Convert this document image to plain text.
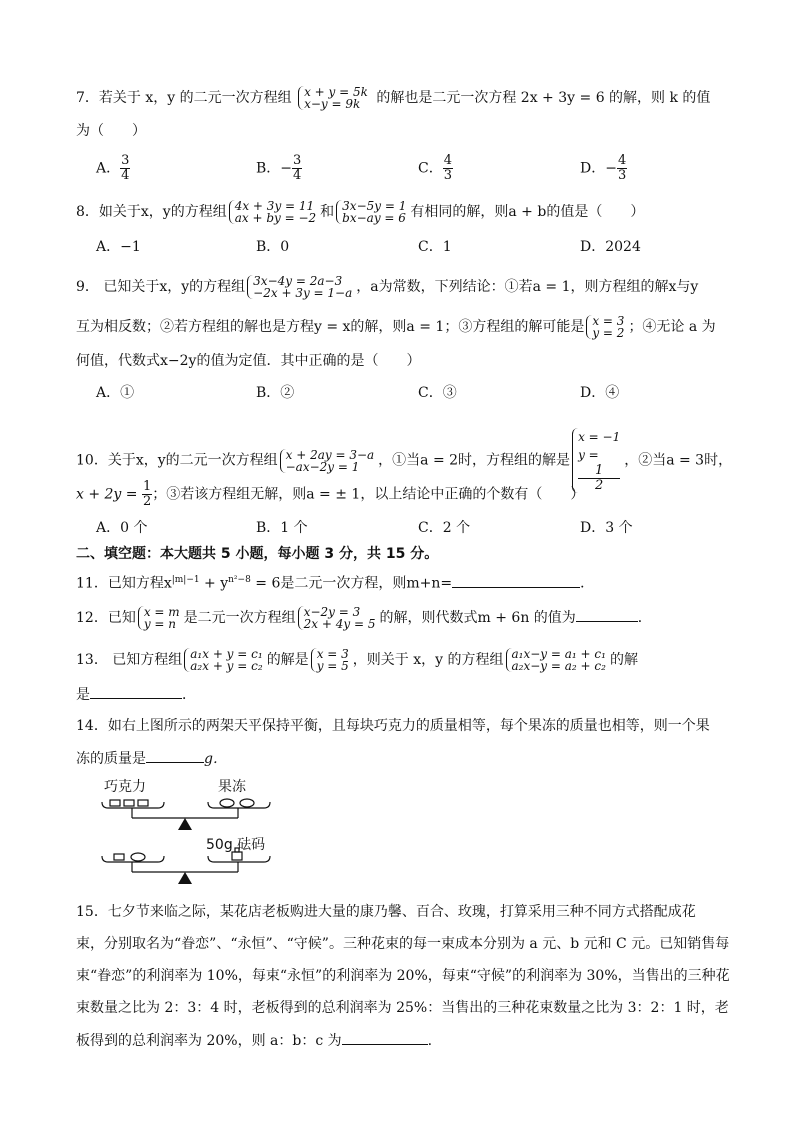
7．若关于 x，y 的二元一次方程组 x + y = 5k
x−y = 9k	的解也是二元一次方程 2x + 3y = 6 的解，则 k 的值
为（　　）
A． $\frac{3}{4}$	B．− $\frac{3}{4}$	C． $\frac{4}{3}$	D．− $\frac{4}{3}$
8．如关于x，y的方程组 4x + 3y = 11
ax + by = −2 和 3x−5y = 1
bx−ay = 6 有相同的解，则a + b的值是（　　）
A．−1	B．0	C．1	D．2024
9． 已知关于x，y的方程组 3x−4y = 2a−3
−2x + 3y = 1−a ，a为常数，下列结论：①若a = 1，则方程组的解x与y
互为相反数；②若方程组的解也是方程y = x的解，则a = 1；③方程组的解可能是 x = 3
y = 2 ；④无论 a 为
何值，代数式x−2y的值为定值．其中正确的是（　　）
A．①	B．②	C．③	D．④
10．关于x，y的二元一次方程组 x + 2ay = 3−a
−ax−2y = 1	，①当a = 2时，方程组的解是
x = −1
y =
1
2
，②当a = 3时，
$x + 2y = \frac{1}{2}$ ；③若该方程组无解，则a = ± 1，以上结论中正确的个数有（　　）
A．0 个	B．1 个	C．2 个	D．3 个
二、填空题：本大题共 5 小题，每小题 3 分，共 15 分。
11．已知方程$x^{|m|-1} + y^{n^2-8} = 6$是二元一次方程，则m+n=	．
12．已知 x = m
y = n 是二元一次方程组 x−2y = 3
2x + 4y = 5 的解，则代数式m + 6n 的值为	．
13． 已知方程组 a₁x + y = c₁
a₂x + y = c₂ 的解是 x = 3
y = 5 ，则关于 x，y 的方程组 a₁x−y = a₁ + c₁
a₂x−y = a₂ + c₂ 的解
是	．
14．如右上图所示的两架天平保持平衡，且每块巧克力的质量相等，每个果冻的质量也相等，则一个果
冻的质量是	g．
巧克力	果冻
50g 砝码
15．七夕节来临之际，某花店老板购进大量的康乃馨、百合、玫瑰，打算采用三种不同方式搭配成花
束，分别取名为“眷恋”、“永恒”、“守候”。三种花束的每一束成本分别为 a 元、b 元和 C 元。已知销售每
束“眷恋”的利润率为 10%，每束“永恒”的利润率为 20%，每束“守候”的利润率为 30%，当售出的三种花
束数量之比为 2：3：4 时，老板得到的总利润率为 25%：当售出的三种花束数量之比为 3：2：1 时，老
板得到的总利润率为 20%，则 a：b：c 为	.
